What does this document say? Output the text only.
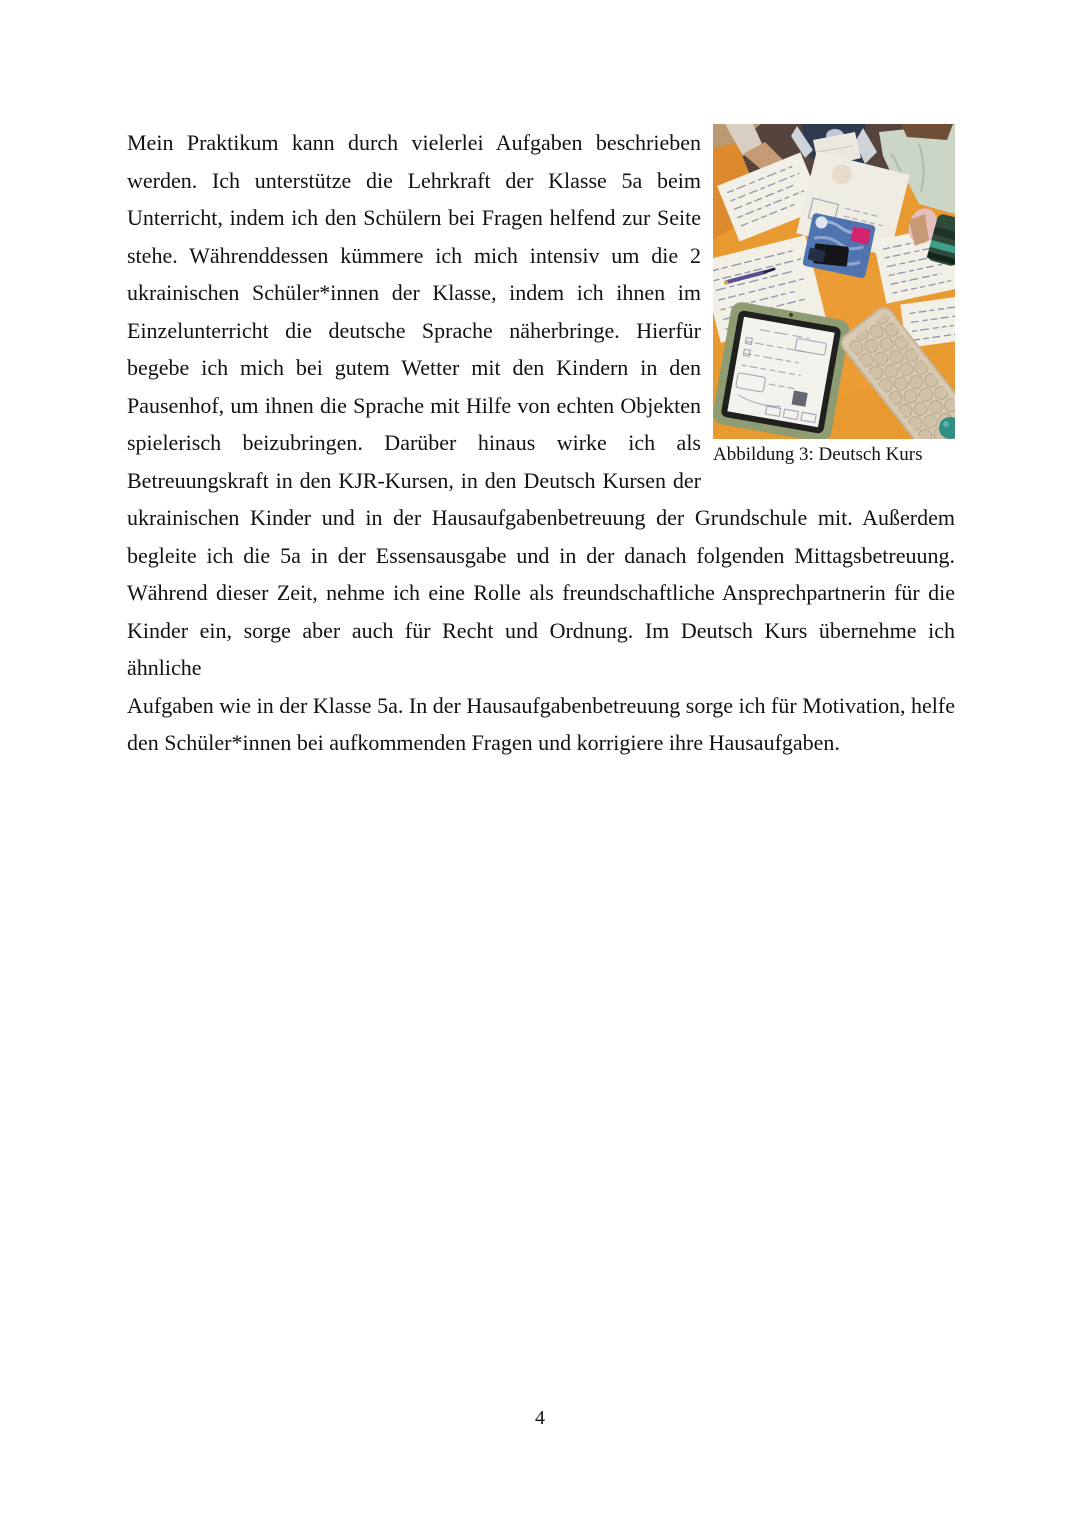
Abbildung 3: Deutsch Kurs
Mein Praktikum kann durch vielerlei Aufgaben beschrieben
werden. Ich unterstütze die Lehrkraft der Klasse 5a beim
Unterricht, indem ich den Schülern bei Fragen helfend zur Seite
stehe. Währenddessen kümmere ich mich intensiv um die 2
ukrainischen Schüler*innen der Klasse, indem ich ihnen im
Einzelunterricht die deutsche Sprache näherbringe. Hierfür
begebe ich mich bei gutem Wetter mit den Kindern in den
Pausenhof, um ihnen die Sprache mit Hilfe von echten Objekten
spielerisch beizubringen. Darüber hinaus wirke ich als
Betreuungskraft in den KJR-Kursen, in den Deutsch Kursen der
ukrainischen Kinder und in der Hausaufgabenbetreuung der Grundschule mit. Außerdem
begleite ich die 5a in der Essensausgabe und in der danach folgenden Mittagsbetreuung.
Während dieser Zeit, nehme ich eine Rolle als freundschaftliche Ansprechpartnerin für die
Kinder ein, sorge aber auch für Recht und Ordnung. Im Deutsch Kurs übernehme ich ähnliche
Aufgaben wie in der Klasse 5a. In der Hausaufgabenbetreuung sorge ich für Motivation, helfe
den Schüler*innen bei aufkommenden Fragen und korrigiere ihre Hausaufgaben.
4
